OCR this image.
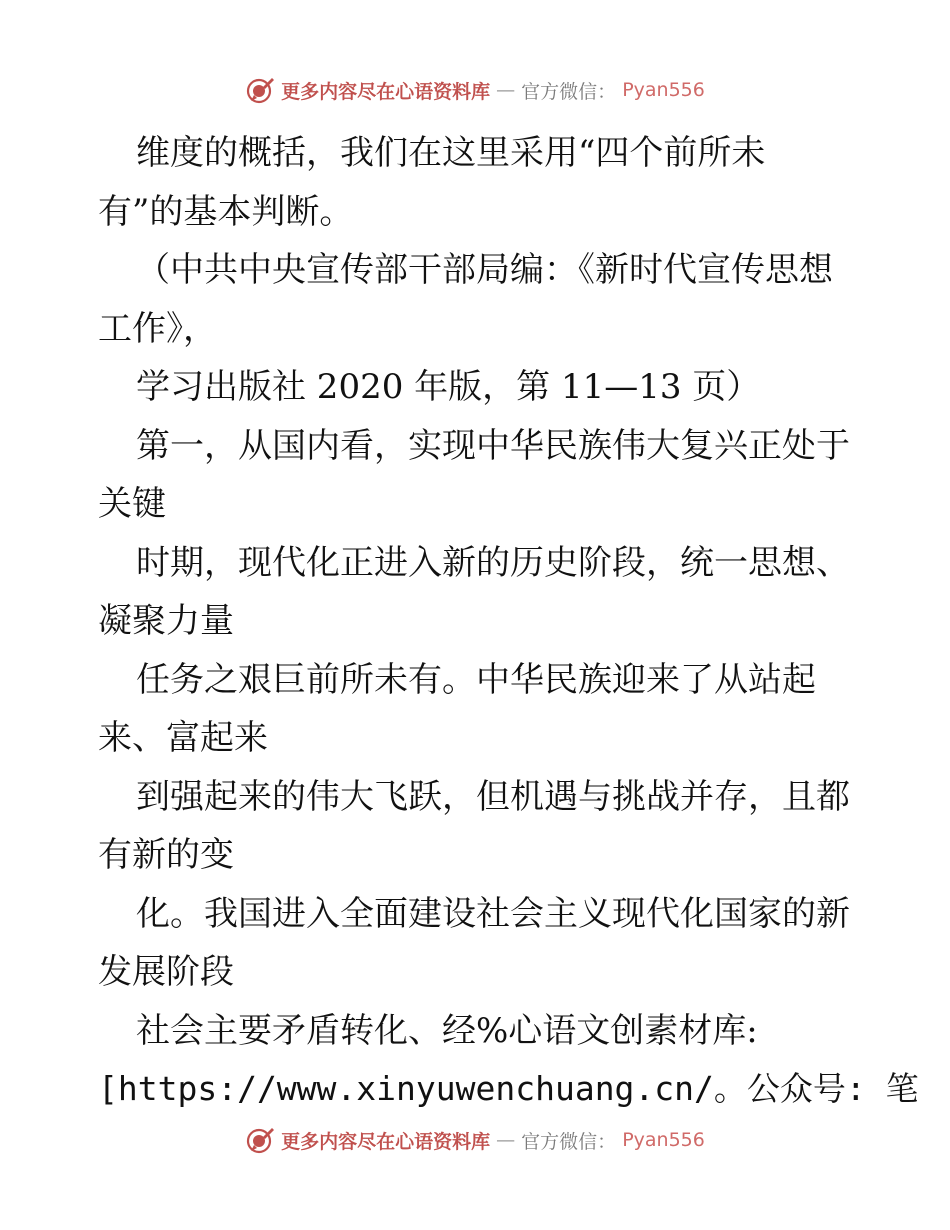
更多内容尽在心语资料库 — 官方微信： Pyan556
维度的概括，我们在这里采用“四个前所未
有”的基本判断。
（中共中央宣传部干部局编：《新时代宣传思想
工作》，
学习出版社 2020 年版，第 11—13 页）
第一，从国内看，实现中华民族伟大复兴正处于
关键
时期，现代化正进入新的历史阶段，统一思想、
凝聚力量
任务之艰巨前所未有。中华民族迎来了从站起
来、富起来
到强起来的伟大飞跃，但机遇与挑战并存，且都
有新的变
化。我国进入全面建设社会主义现代化国家的新
发展阶段
社会主要矛盾转化、经%心语文创素材库:
[https://www.xinyuwenchuang.cn/。公众号: 笔
更多内容尽在心语资料库 — 官方微信： Pyan556
